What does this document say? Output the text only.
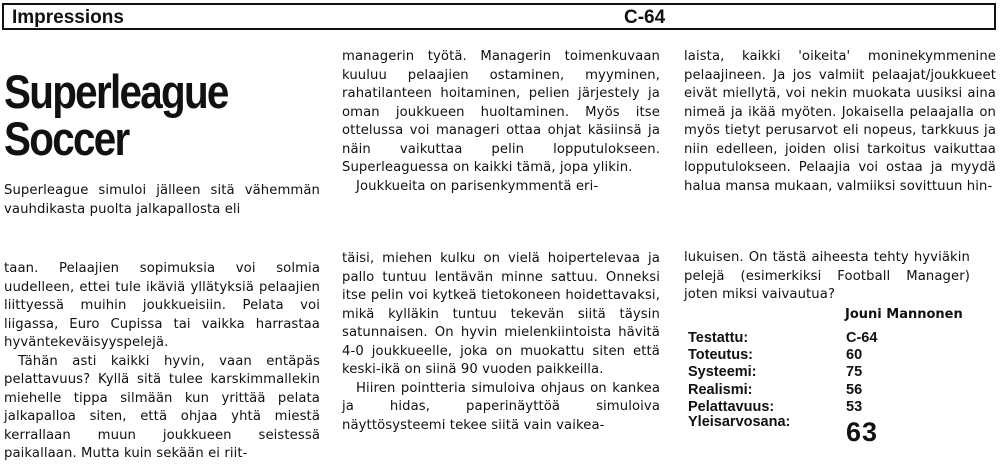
Impressions	C-64
Superleague
Soccer

Superleague simuloi jälleen sitä vähemmän vauhdikasta puolta jalkapallosta eli

taan. Pelaajien sopimuksia voi solmia uudelleen, ettei tule ikäviä yllätyksiä pelaajien liittyessä muihin joukkueisiin. Pelata voi liigassa, Euro Cupissa tai vaikka harrastaa hyväntekeväisyyspelejä.

Tähän asti kaikki hyvin, vaan entäpäs pelattavuus? Kyllä sitä tulee karskimmallekin miehelle tippa silmään kun yrittää pelata jalkapalloa siten, että ohjaa yhtä miestä kerrallaan muun joukkueen seistessä paikallaan. Mutta kuin sekään ei riit-

managerin työtä. Managerin toimenkuvaan kuuluu pelaajien ostaminen, myyminen, rahatilanteen hoitaminen, pelien järjestely ja oman joukkueen huoltaminen. Myös itse ottelussa voi manageri ottaa ohjat käsiinsä ja näin vaikuttaa pelin lopputulokseen. Superleaguessa on kaikki tämä, jopa ylikin.

Joukkueita on parisenkymmentä eri-

täisi, miehen kulku on vielä hoipertelevaa ja pallo tuntuu lentävän minne sattuu. Onneksi itse pelin voi kytkeä tietokoneen hoidettavaksi, mikä kylläkin tuntuu tekevän siitä täysin satunnaisen. On hyvin mielenkiintoista hävitä 4-0 joukkueelle, joka on muokattu siten että keski-ikä on siinä 90 vuoden paikkeilla.

Hiiren pointteria simuloiva ohjaus on kankea ja hidas, paperinäyttöä simuloiva näyttösysteemi tekee siitä vain vaikea-

laista, kaikki 'oikeita' moninekymmenine pelaajineen. Ja jos valmiit pelaajat/joukkueet eivät miellytä, voi nekin muokata uusiksi aina nimeä ja ikää myöten. Jokaisella pelaajalla on myös tietyt perusarvot eli nopeus, tarkkuus ja niin edelleen, joiden olisi tarkoitus vaikuttaa lopputulokseen. Pelaajia voi ostaa ja myydä halua mansa mukaan, valmiiksi sovittuun hin-

lukuisen. On tästä aiheesta tehty hyviäkin pelejä (esimerkiksi Football Manager) joten miksi vaivautua?

Jouni Mannonen
Testattu:	C-64
Toteutus:	60
Systeemi:	75
Realismi:	56
Pelattavuus:	53
Yleisarvosana: 63
